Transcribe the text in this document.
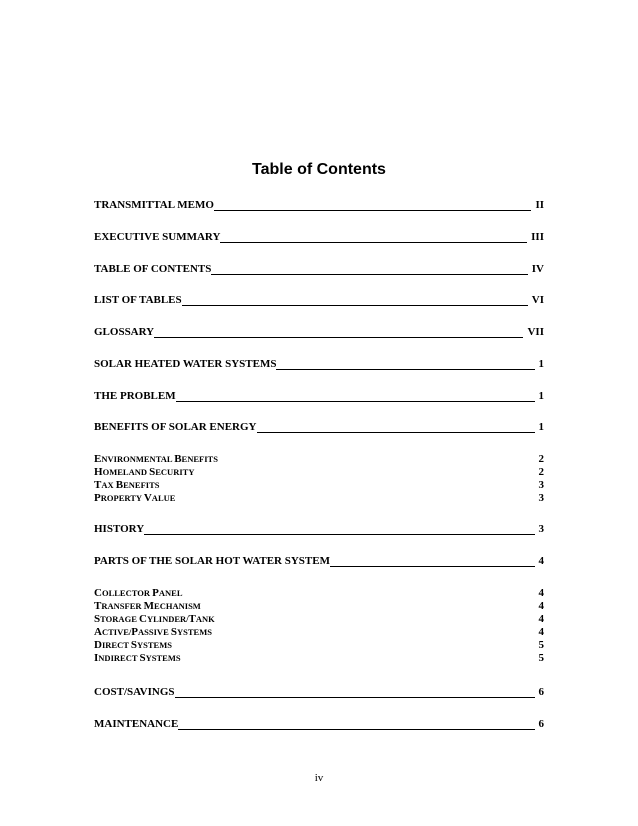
Table of Contents
TRANSMITTAL MEMO	II
EXECUTIVE SUMMARY	III
TABLE OF CONTENTS	IV
LIST OF TABLES	VI
GLOSSARY	VII
SOLAR HEATED WATER SYSTEMS	1
THE PROBLEM	1
BENEFITS OF SOLAR ENERGY	1
ENVIRONMENTAL BENEFITS	2
HOMELAND SECURITY	2
TAX BENEFITS	3
PROPERTY VALUE	3
HISTORY	3
PARTS OF THE SOLAR HOT WATER SYSTEM	4
COLLECTOR PANEL	4
TRANSFER MECHANISM	4
STORAGE CYLINDER/TANK	4
ACTIVE/PASSIVE SYSTEMS	4
DIRECT SYSTEMS	5
INDIRECT SYSTEMS	5
COST/SAVINGS	6
MAINTENANCE	6
iv
